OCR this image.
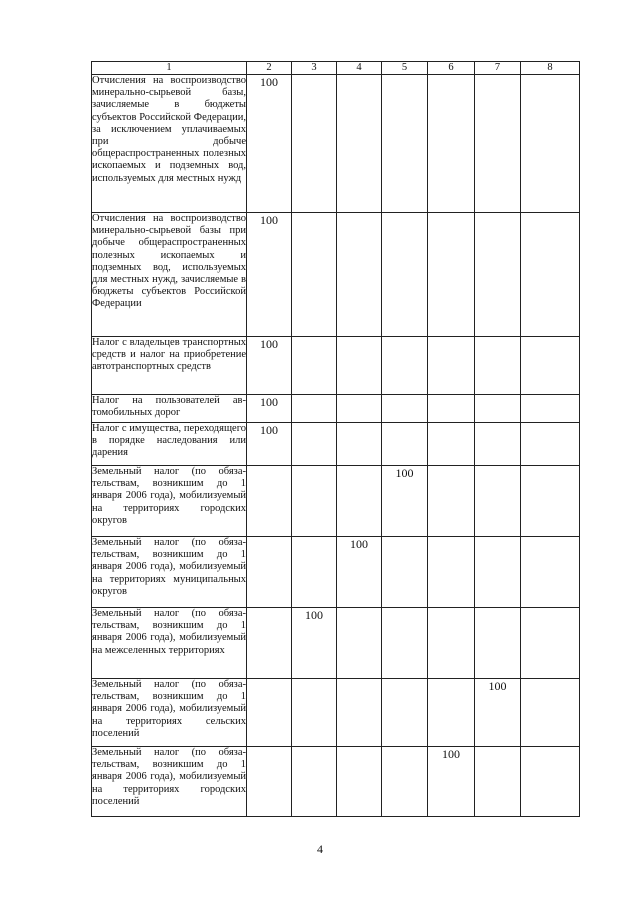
1	2	3	4	5	6	7	8
Отчисления на воспроизводство минерально-сырьевой базы, зачисляемые в бюджеты субъектов Российской Федерации, за исключением уплачиваемых при добыче общераспространенных полезных ископаемых и подземных вод, используемых для местных нужд	100						
Отчисления на воспроизводство минерально-сырьевой базы при добыче общераспространенных полезных ископаемых и подземных вод, используемых для местных нужд, зачисляемые в бюджеты субъектов Российской Федерации	100						
Налог с владельцев транспортных средств и налог на приобретение автотранспортных средств	100						
Налог на пользователей автомобильных дорог	100						
Налог с имущества, переходящего в порядке наследования или дарения	100						
Земельный налог (по обязательствам, возникшим до 1 января 2006 года), мобилизуемый на территориях городских округов				100			
Земельный налог (по обязательствам, возникшим до 1 января 2006 года), мобилизуемый на территориях муниципальных округов			100				
Земельный налог (по обязательствам, возникшим до 1 января 2006 года), мобилизуемый на межселенных территориях		100					
Земельный налог (по обязательствам, возникшим до 1 января 2006 года), мобилизуемый на территориях сельских поселений						100	
Земельный налог (по обязательствам, возникшим до 1 января 2006 года), мобилизуемый на территориях городских поселений					100		
4
